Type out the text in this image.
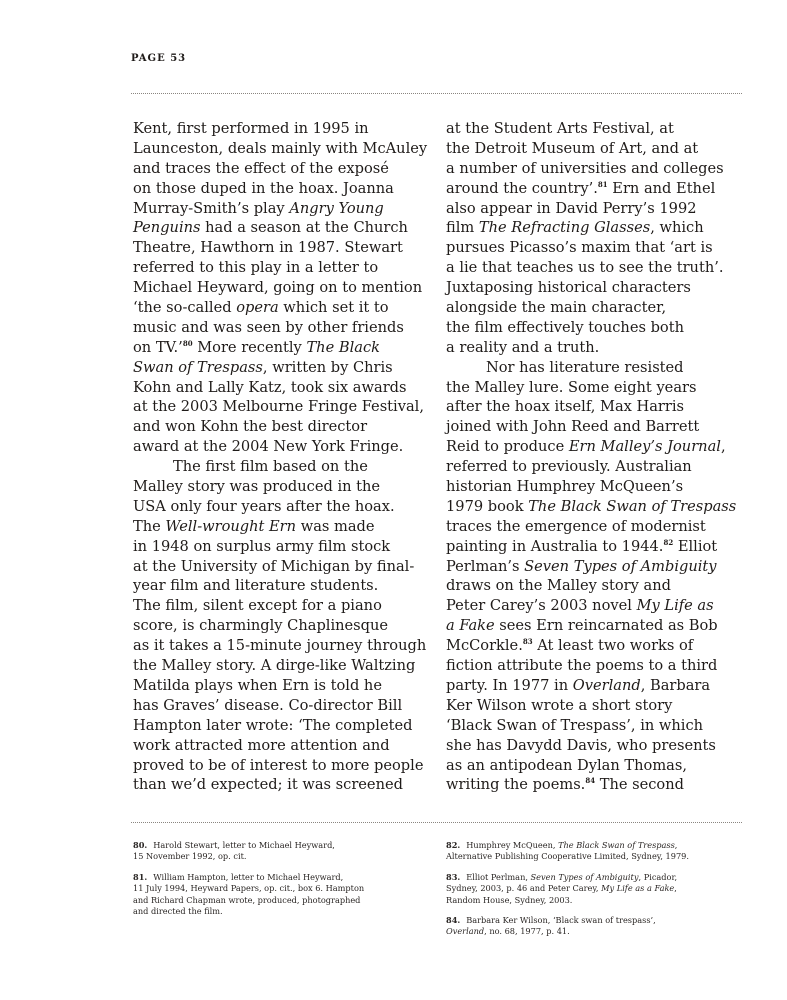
PAGE 53
Kent, first performed in 1995 in
Launceston, deals mainly with McAuley
and traces the effect of the exposé
on those duped in the hoax. Joanna
Murray-Smith’s play Angry Young
Penguins had a season at the Church
Theatre, Hawthorn in 1987. Stewart
referred to this play in a letter to
Michael Heyward, going on to mention
‘the so-called opera which set it to
music and was seen by other friends
on TV.’$^{80}$ More recently The Black
Swan of Trespass, written by Chris
Kohn and Lally Katz, took six awards
at the 2003 Melbourne Fringe Festival,
and won Kohn the best director
award at the 2004 New York Fringe.
The first film based on the
Malley story was produced in the
USA only four years after the hoax.
The Well-wrought Ern was made
in 1948 on surplus army film stock
at the University of Michigan by final-
year film and literature students.
The film, silent except for a piano
score, is charmingly Chaplinesque
as it takes a 15-minute journey through
the Malley story. A dirge-like Waltzing
Matilda plays when Ern is told he
has Graves’ disease. Co-director Bill
Hampton later wrote: ‘The completed
work attracted more attention and
proved to be of interest to more people
than we’d expected; it was screened
at the Student Arts Festival, at
the Detroit Museum of Art, and at
a number of universities and colleges
around the country’.$^{81}$ Ern and Ethel
also appear in David Perry’s 1992
film The Refracting Glasses, which
pursues Picasso’s maxim that ‘art is
a lie that teaches us to see the truth’.
Juxtaposing historical characters
alongside the main character,
the film effectively touches both
a reality and a truth.
Nor has literature resisted
the Malley lure. Some eight years
after the hoax itself, Max Harris
joined with John Reed and Barrett
Reid to produce Ern Malley’s Journal,
referred to previously. Australian
historian Humphrey McQueen’s
1979 book The Black Swan of Trespass
traces the emergence of modernist
painting in Australia to 1944.82 Elliot
Perlman’s Seven Types of Ambiguity
draws on the Malley story and
Peter Carey’s 2003 novel My Life as
a Fake sees Ern reincarnated as Bob
McCorkle.$^{83}$ At least two works of
fiction attribute the poems to a third
party. In 1977 in Overland, Barbara
Ker Wilson wrote a short story
‘Black Swan of Trespass’, in which
she has Davydd Davis, who presents
as an antipodean Dylan Thomas,
writing the poems.$^{84}$ The second
80. Harold Stewart, letter to Michael Heyward,
15 November 1992, op. cit.
81. William Hampton, letter to Michael Heyward,
11 July 1994, Heyward Papers, op. cit., box 6. Hampton
and Richard Chapman wrote, produced, photographed
and directed the film.
82. Humphrey McQueen, The Black Swan of Trespass,
Alternative Publishing Cooperative Limited, Sydney, 1979.
83. Elliot Perlman, Seven Types of Ambiguity, Picador,
Sydney, 2003, p. 46 and Peter Carey, My Life as a Fake,
Random House, Sydney, 2003.
84. Barbara Ker Wilson, ‘Black swan of trespass’,
Overland, no. 68, 1977, p. 41.
